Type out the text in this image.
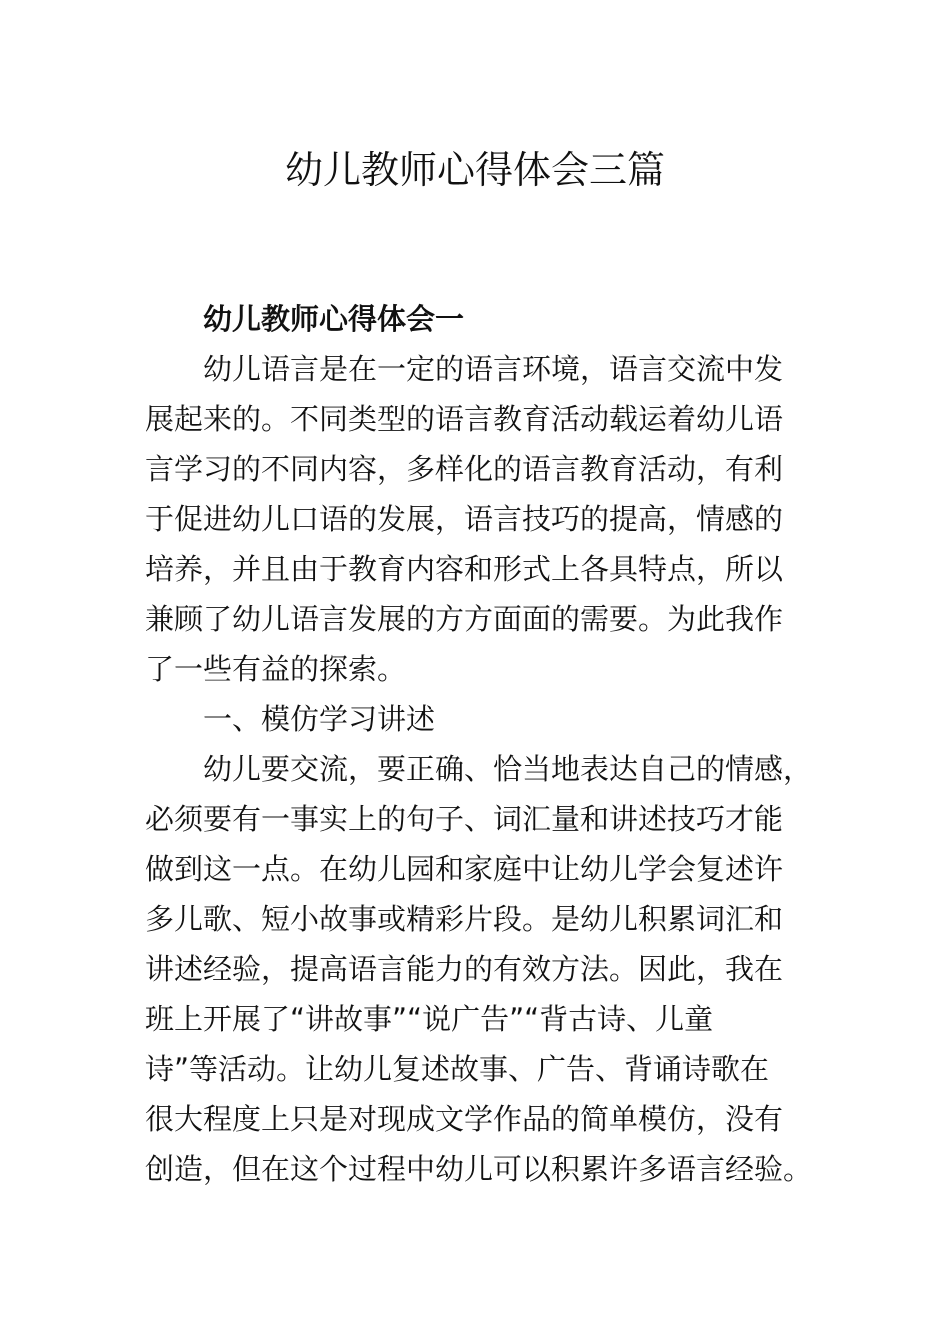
幼儿教师心得体会三篇

幼儿教师心得体会一

幼儿语言是在一定的语言环境，语言交流中发

展起来的。不同类型的语言教育活动载运着幼儿语

言学习的不同内容，多样化的语言教育活动，有利

于促进幼儿口语的发展，语言技巧的提高，情感的

培养，并且由于教育内容和形式上各具特点，所以

兼顾了幼儿语言发展的方方面面的需要。为此我作

了一些有益的探索。

一、模仿学习讲述

幼儿要交流，要正确、恰当地表达自己的情感，

必须要有一事实上的句子、词汇量和讲述技巧才能

做到这一点。在幼儿园和家庭中让幼儿学会复述许

多儿歌、短小故事或精彩片段。是幼儿积累词汇和

讲述经验，提高语言能力的有效方法。因此，我在

班上开展了“讲故事”“说广告”“背古诗、儿童

诗”等活动。让幼儿复述故事、广告、背诵诗歌在

很大程度上只是对现成文学作品的简单模仿，没有

创造，但在这个过程中幼儿可以积累许多语言经验。
